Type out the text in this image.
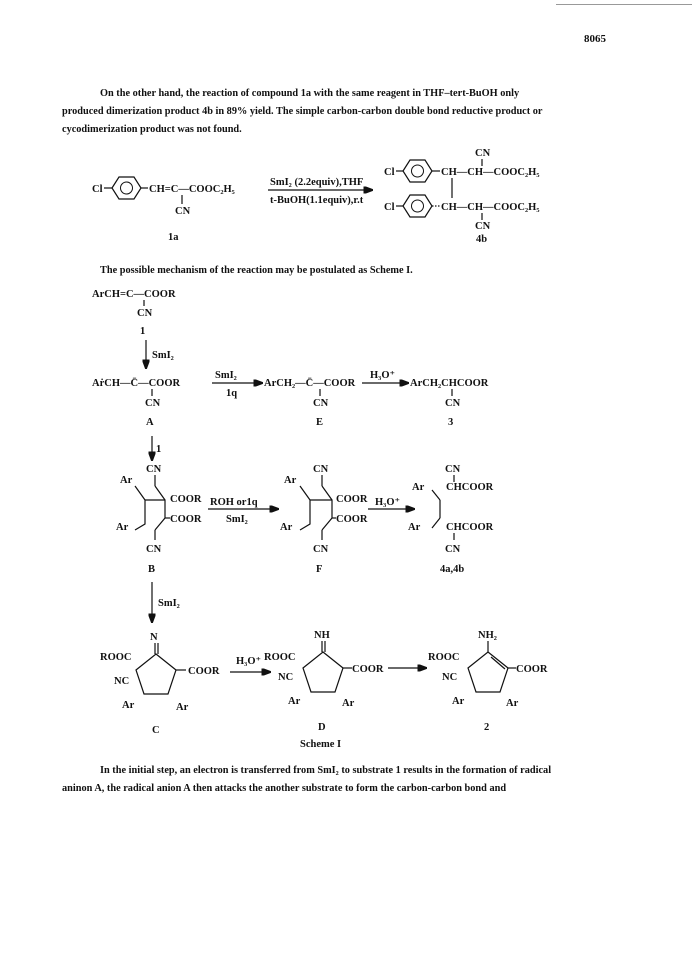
8065
On the other hand, the reaction of compound 1a with the same reagent in THF–tert-BuOH only
produced dimerization product 4b in 89% yield. The simple carbon-carbon double bond reductive product or
cycodimerization product was not found.
The possible mechanism of the reaction may be postulated as Scheme I.
In the initial step, an electron is transferred from SmI₂ to substrate 1 results in the formation of radical
aninon A, the radical anion A then attacks the another substrate to form the carbon-carbon bond and
Cl	CH=C—COOC₂H₅
CN
1a
SmI₂ (2.2equiv),THF
t-BuOH(1.1equiv),r.t
CN
Cl	CH—CH—COOC₂H₅
Cl	CH—CH—COOC₂H₅
CN
4b
ArCH=C—COOR
CN
1
SmI₂
AṙCH—C̄—COOR
CN
A
SmI₂
1q
ArCH₂—C̄—COOR
CN
E
H₃O⁺
ArCH₂CHCOOR
CN
3
1
CN
Ar
COOR
COOR
Ar
CN
B
ROH or1q
SmI₂
CN
Ar
COOR
COOR
Ar
CN
F
H₃O⁺
CN
Ar CHCOOR
Ar CHCOOR
CN
4a,4b
SmI₂
N
ROOC
NC
COOR
Ar	Ar
C
H₃O⁺
NH
ROOC
NC
COOR
Ar	Ar
D
NH₂
ROOC
NC
COOR
Ar	Ar
2
Scheme I
